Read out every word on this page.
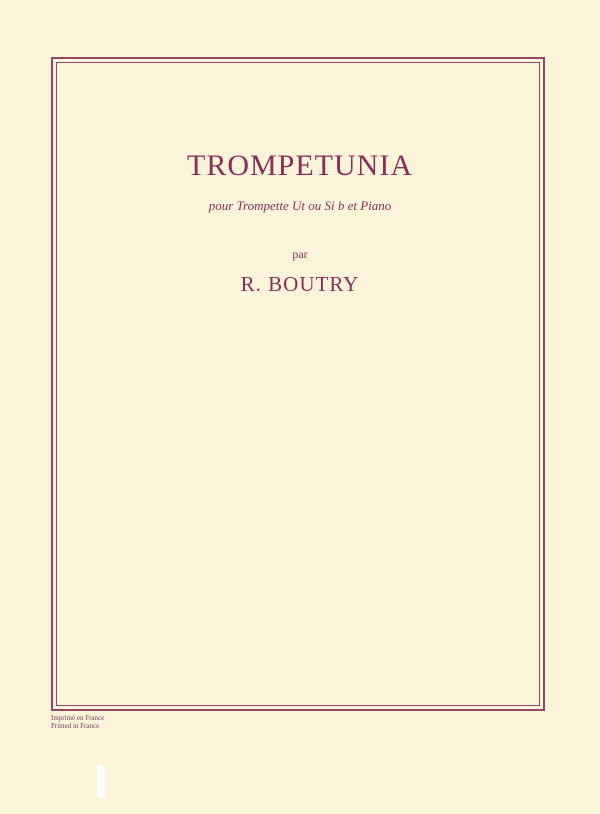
TROMPETUNIA
pour Trompette Ut ou Si b et Piano
par
R. BOUTRY
Imprimé en France
Printed in France
